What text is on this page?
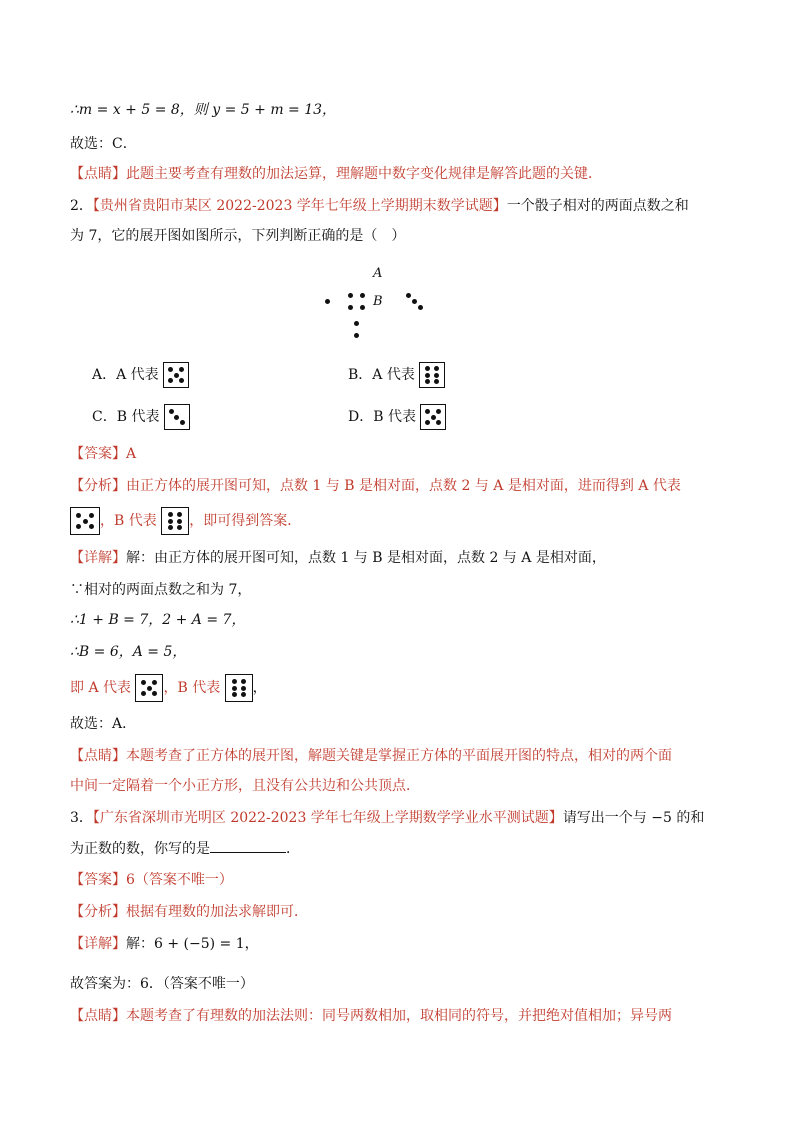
∴m = x + 5 = 8，则 y = 5 + m = 13，
故选：C．
【点睛】此题主要考查有理数的加法运算，理解题中数字变化规律是解答此题的关键．
2．【贵州省贵阳市某区 2022-2023 学年七年级上学期期末数学试题】一个骰子相对的两面点数之和
为 7，它的展开图如图所示，下列判断正确的是（　）
A
B
A．A 代表	B．A 代表
C．B 代表	D．B 代表
【答案】A
【分析】由正方体的展开图可知，点数 1 与 B 是相对面，点数 2 与 A 是相对面，进而得到 A 代表
，B 代表 ，即可得到答案．
【详解】解：由正方体的展开图可知，点数 1 与 B 是相对面，点数 2 与 A 是相对面，
∵相对的两面点数之和为 7，
∴1 + B = 7，2 + A = 7，
∴B = 6，A = 5，
即 A 代表 ，B 代表 ，
故选：A．
【点睛】本题考查了正方体的展开图，解题关键是掌握正方体的平面展开图的特点，相对的两个面
中间一定隔着一个小正方形，且没有公共边和公共顶点．
3．【广东省深圳市光明区 2022-2023 学年七年级上学期数学学业水平测试题】请写出一个与 −5 的和
为正数的数，你写的是	．
【答案】6（答案不唯一）
【分析】根据有理数的加法求解即可．
【详解】解：6 + (−5) = 1，
故答案为：6．（答案不唯一）
【点睛】本题考查了有理数的加法法则：同号两数相加，取相同的符号，并把绝对值相加；异号两
